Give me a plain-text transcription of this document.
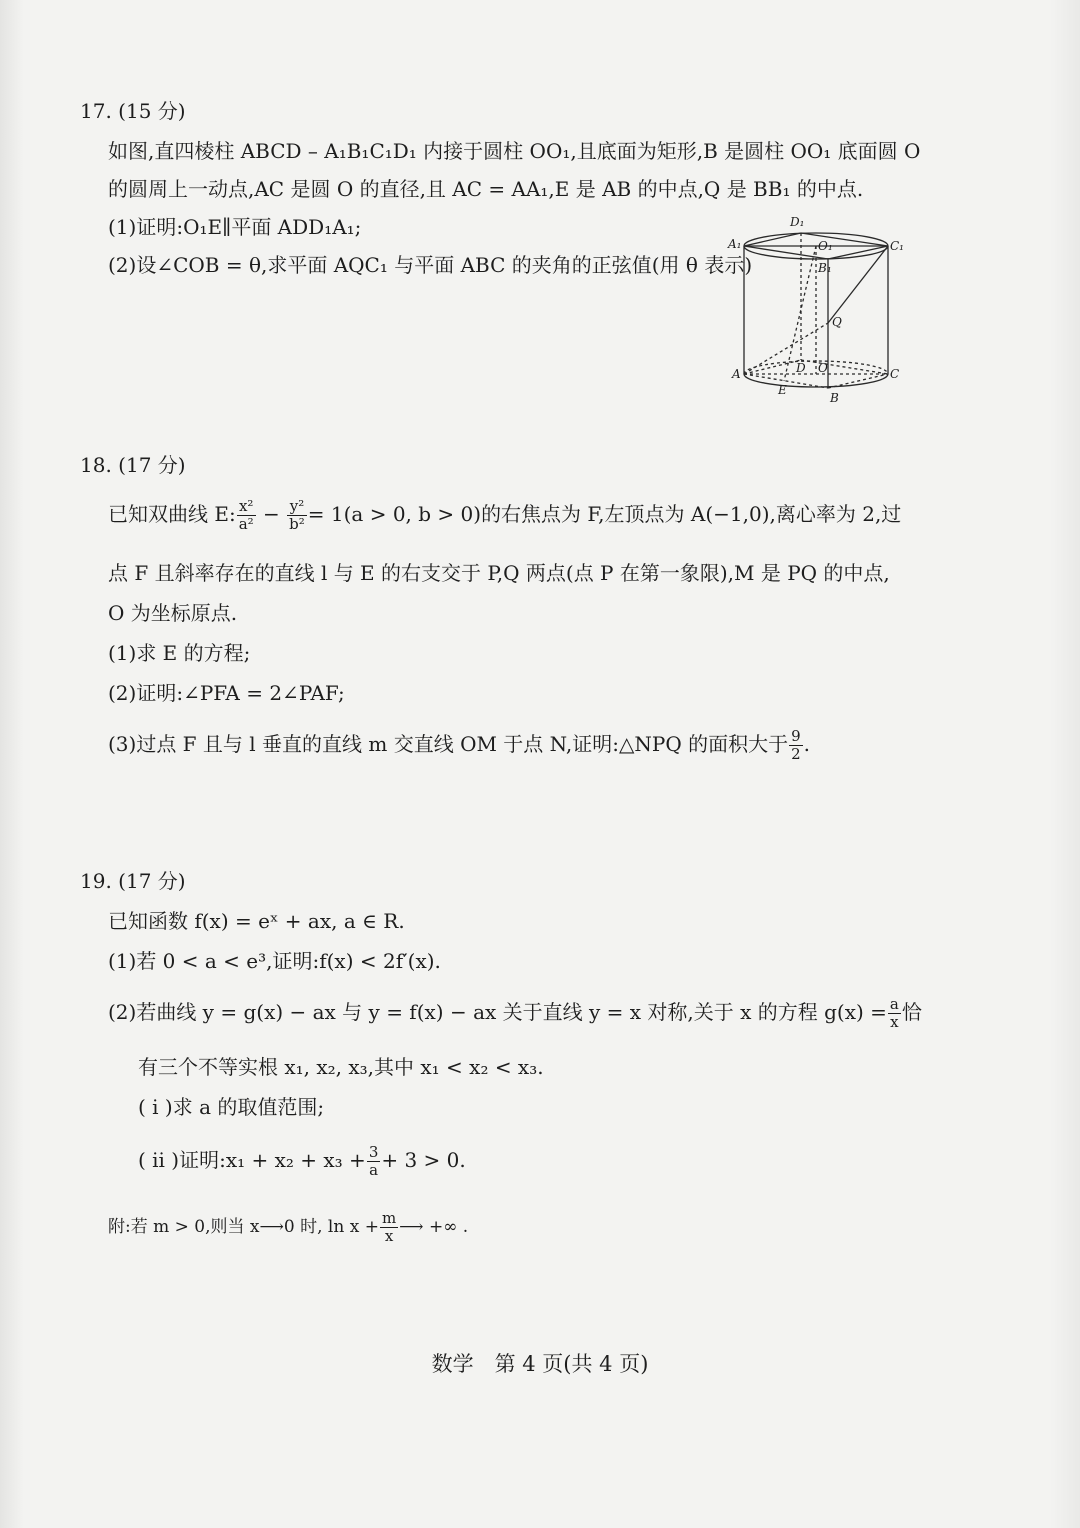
17. (15 分)
如图,直四棱柱 ABCD – A₁B₁C₁D₁ 内接于圆柱 OO₁,且底面为矩形,B 是圆柱 OO₁ 底面圆 O
的圆周上一动点,AC 是圆 O 的直径,且 AC = AA₁,E 是 AB 的中点,Q 是 BB₁ 的中点.
(1)证明:O₁E∥平面 ADD₁A₁;
(2)设∠COB = θ,求平面 AQC₁ 与平面 ABC 的夹角的正弦值(用 θ 表示)
D₁
A₁	O₁	C₁
B₁
Q
A	D O	C
E
B
18. (17 分)
已知双曲线 E: $\frac{\text{x²}}{\text{a²}} - \frac{\text{y²}}{\text{b²}} = 1(a > 0$, b > 0)的右焦点为 F,左顶点为 A(−1,0),离心率为 2,过
点 F 且斜率存在的直线 l 与 E 的右支交于 P,Q 两点(点 P 在第一象限),M 是 PQ 的中点,
O 为坐标原点.
(1)求 E 的方程;
(2)证明:∠PFA = 2∠PAF;
(3)过点 F 且与 l 垂直的直线 m 交直线 OM 于点 N,证明:△NPQ 的面积大于 $\frac{9}{2}$ .
19. (17 分)
已知函数 f(x) = eˣ + ax, a ∈ R.
(1)若 0 < a < e³,证明:f(x) < 2f′(x).
(2)若曲线 y = g(x) − ax 与 y = f(x) − ax 关于直线 y = x 对称,关于 x 的方程 $g(x) = \frac{a}{x}$ 恰
有三个不等实根 x₁, x₂, x₃,其中 x₁ < x₂ < x₃.
( i )求 a 的取值范围;
( ii )证明:x₁ + $x_2 + x_3 + \frac{3}{a} + 3 > 0$.
附:若 m > 0,则当 x⟶0 时, $\ln x + \frac{m}{x}$ ⟶ +∞ .
数学　第 4 页(共 4 页)
